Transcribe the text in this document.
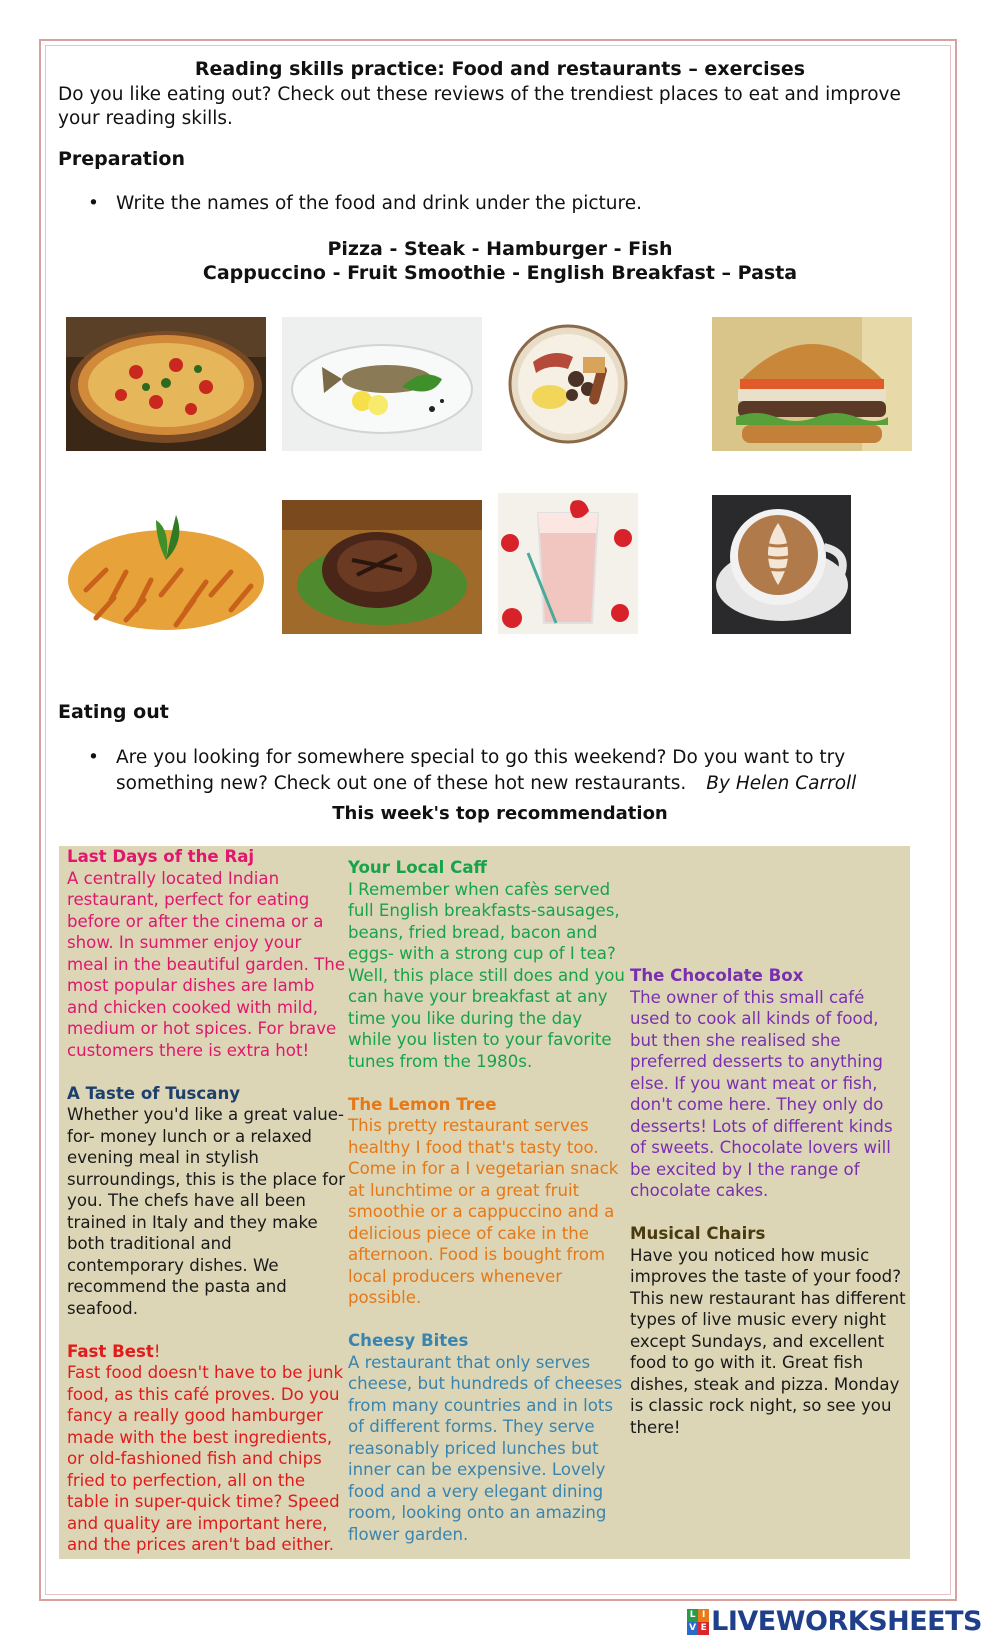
Reading skills practice: Food and restaurants – exercises
Do you like eating out? Check out these reviews of the trendiest places to eat and improve your reading skills.
Preparation
• Write the names of the food and drink under the picture.
Pizza - Steak - Hamburger - Fish
Cappuccino - Fruit Smoothie - English Breakfast – Pasta
Eating out
• Are you looking for somewhere special to go this weekend? Do you want to try something new? Check out one of these hot new restaurants. By Helen Carroll
This week's top recommendation
Last Days of the Raj
A centrally located Indian
restaurant, perfect for eating
before or after the cinema or a
show. In summer enjoy your
meal in the beautiful garden. The
most popular dishes are lamb
and chicken cooked with mild,
medium or hot spices. For brave
customers there is extra hot!
A Taste of Tuscany
Whether you'd like a great value-
for- money lunch or a relaxed
evening meal in stylish
surroundings, this is the place for
you. The chefs have all been
trained in Italy and they make
both traditional and
contemporary dishes. We
recommend the pasta and
seafood.
Fast Best!
Fast food doesn't have to be junk
food, as this café proves. Do you
fancy a really good hamburger
made with the best ingredients,
or old-fashioned fish and chips
fried to perfection, all on the
table in super-quick time? Speed
and quality are important here,
and the prices aren't bad either.
Your Local Caff
I Remember when cafès served
full English breakfasts-sausages,
beans, fried bread, bacon and
eggs- with a strong cup of I tea?
Well, this place still does and you
can have your breakfast at any
time you like during the day
while you listen to your favorite
tunes from the 1980s.
The Lemon Tree
This pretty restaurant serves
healthy I food that's tasty too.
Come in for a I vegetarian snack
at lunchtime or a great fruit
smoothie or a cappuccino and a
delicious piece of cake in the
afternoon. Food is bought from
local producers whenever
possible.
Cheesy Bites
A restaurant that only serves
cheese, but hundreds of cheeses
from many countries and in lots
of different forms. They serve
reasonably priced lunches but
inner can be expensive. Lovely
food and a very elegant dining
room, looking onto an amazing
flower garden.
The Chocolate Box
The owner of this small café
used to cook all kinds of food,
but then she realised she
preferred desserts to anything
else. If you want meat or fish,
don't come here. They only do
desserts! Lots of different kinds
of sweets. Chocolate lovers will
be excited by I the range of
chocolate cakes.
Musical Chairs
Have you noticed how music
improves the taste of your food?
This new restaurant has different
types of live music every night
except Sundays, and excellent
food to go with it. Great fish
dishes, steak and pizza. Monday
is classic rock night, so see you
there!
L I
V E LIVEWORKSHEETS
